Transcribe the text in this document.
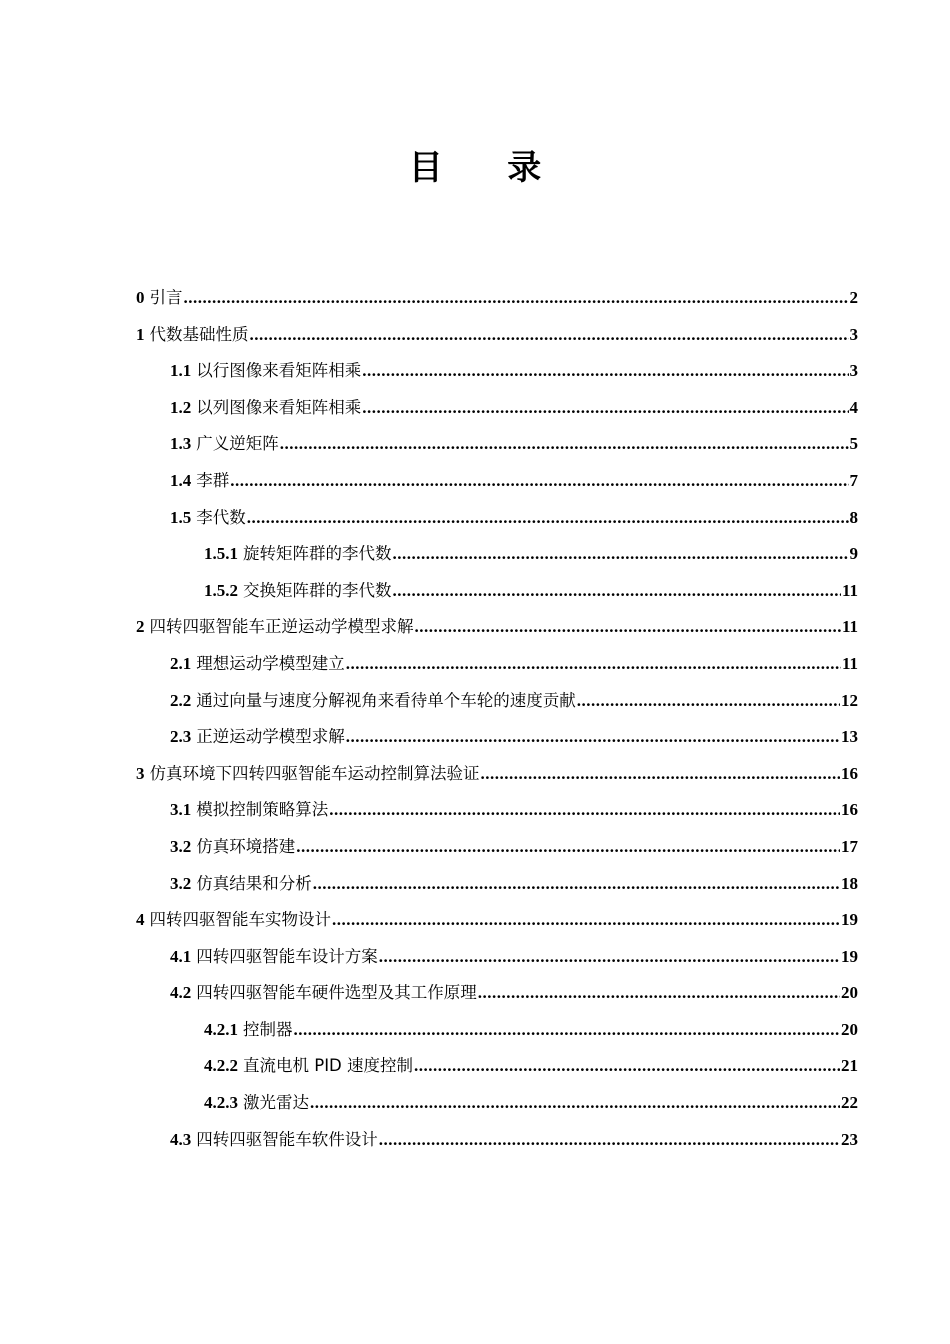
目 录
0 引言 .....	2
1 代数基础性质 .....	3
1.1 以行图像来看矩阵相乘 .....	3
1.2 以列图像来看矩阵相乘 .....	4
1.3 广义逆矩阵 .....	5
1.4 李群 .....	7
1.5 李代数 .....	8
1.5.1 旋转矩阵群的李代数 .....	9
1.5.2 交换矩阵群的李代数 .....	11
2 四转四驱智能车正逆运动学模型求解 .....	11
2.1 理想运动学模型建立 .....	11
2.2 通过向量与速度分解视角来看待单个车轮的速度贡献 .....	12
2.3 正逆运动学模型求解 .....	13
3 仿真环境下四转四驱智能车运动控制算法验证 .....	16
3.1 模拟控制策略算法 .....	16
3.2 仿真环境搭建 .....	17
3.2 仿真结果和分析 .....	18
4 四转四驱智能车实物设计 .....	19
4.1 四转四驱智能车设计方案 .....	19
4.2 四转四驱智能车硬件选型及其工作原理 .....	20
4.2.1 控制器 .....	20
4.2.2 直流电机 PID 速度控制 .....	21
4.2.3 激光雷达 .....	22
4.3 四转四驱智能车软件设计 .....	23
